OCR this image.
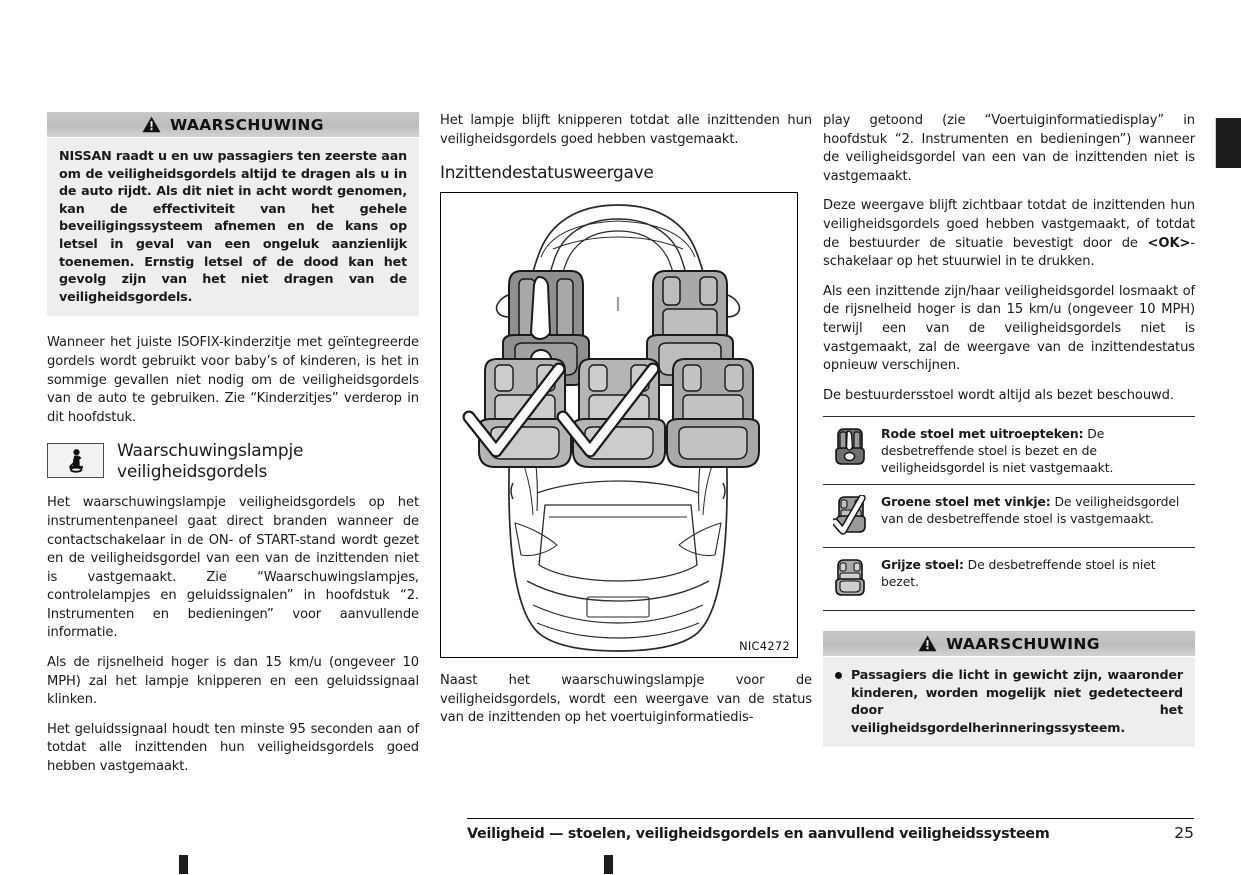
WAARSCHUWING

NISSAN raadt u en uw passagiers ten zeerste aan om de veiligheidsgordels altijd te dragen als u in de auto rijdt. Als dit niet in acht wordt genomen, kan de effectiviteit van het gehele beveiligingssysteem afnemen en de kans op letsel in geval van een ongeluk aanzienlijk toenemen. Ernstig letsel of de dood kan het gevolg zijn van het niet dragen van de veiligheidsgordels.

Wanneer het juiste ISOFIX-kinderzitje met geïntegreerde gordels wordt gebruikt voor baby’s of kinderen, is het in sommige gevallen niet nodig om de veiligheidsgordels van de auto te gebruiken. Zie “Kinderzitjes” verderop in dit hoofdstuk.

Waarschuwingslampje veiligheidsgordels

Het waarschuwingslampje veiligheidsgordels op het instrumentenpaneel gaat direct branden wanneer de contactschakelaar in de ON- of START-stand wordt gezet en de veiligheidsgordel van een van de inzittenden niet is vastgemaakt. Zie “Waarschuwingslampjes, controlelampjes en geluidssignalen” in hoofdstuk “2. Instrumenten en bedieningen” voor aanvullende informatie.

Als de rijsnelheid hoger is dan 15 km/u (ongeveer 10 MPH) zal het lampje knipperen en een geluidssignaal klinken.

Het geluidssignaal houdt ten minste 95 seconden aan of totdat alle inzittenden hun veiligheidsgordels goed hebben vastgemaakt.

Het lampje blijft knipperen totdat alle inzittenden hun veiligheidsgordels goed hebben vastgemaakt.

Inzittendestatusweergave
NIC4272

Naast het waarschuwingslampje voor de veiligheidsgordels, wordt een weergave van de status van de inzittenden op het voertuiginformatiedis-

play getoond (zie “Voertuiginformatiedisplay” in hoofdstuk “2. Instrumenten en bedieningen”) wanneer de veiligheidsgordel van een van de inzittenden niet is vastgemaakt.

Deze weergave blijft zichtbaar totdat de inzittenden hun veiligheidsgordels goed hebben vastgemaakt, of totdat de bestuurder de situatie bevestigt door de <OK>-schakelaar op het stuurwiel in te drukken.

Als een inzittende zijn/haar veiligheidsgordel losmaakt of de rijsnelheid hoger is dan 15 km/u (ongeveer 10 MPH) terwijl een van de veiligheidsgordels niet is vastgemaakt, zal de weergave van de inzittendestatus opnieuw verschijnen.

De bestuurdersstoel wordt altijd als bezet beschouwd.

Rode stoel met uitroepteken: De desbetreffende stoel is bezet en de veiligheidsgordel is niet vastgemaakt.
Groene stoel met vinkje: De veiligheidsgordel van de desbetreffende stoel is vastgemaakt.
Grijze stoel: De desbetreffende stoel is niet bezet.
WAARSCHUWING

Passagiers die licht in gewicht zijn, waaronder kinderen, worden mogelijk niet gedetecteerd door het veiligheidsgordelherinneringssysteem.

Veiligheid — stoelen, veiligheidsgordels en aanvullend veiligheidssysteem	25
